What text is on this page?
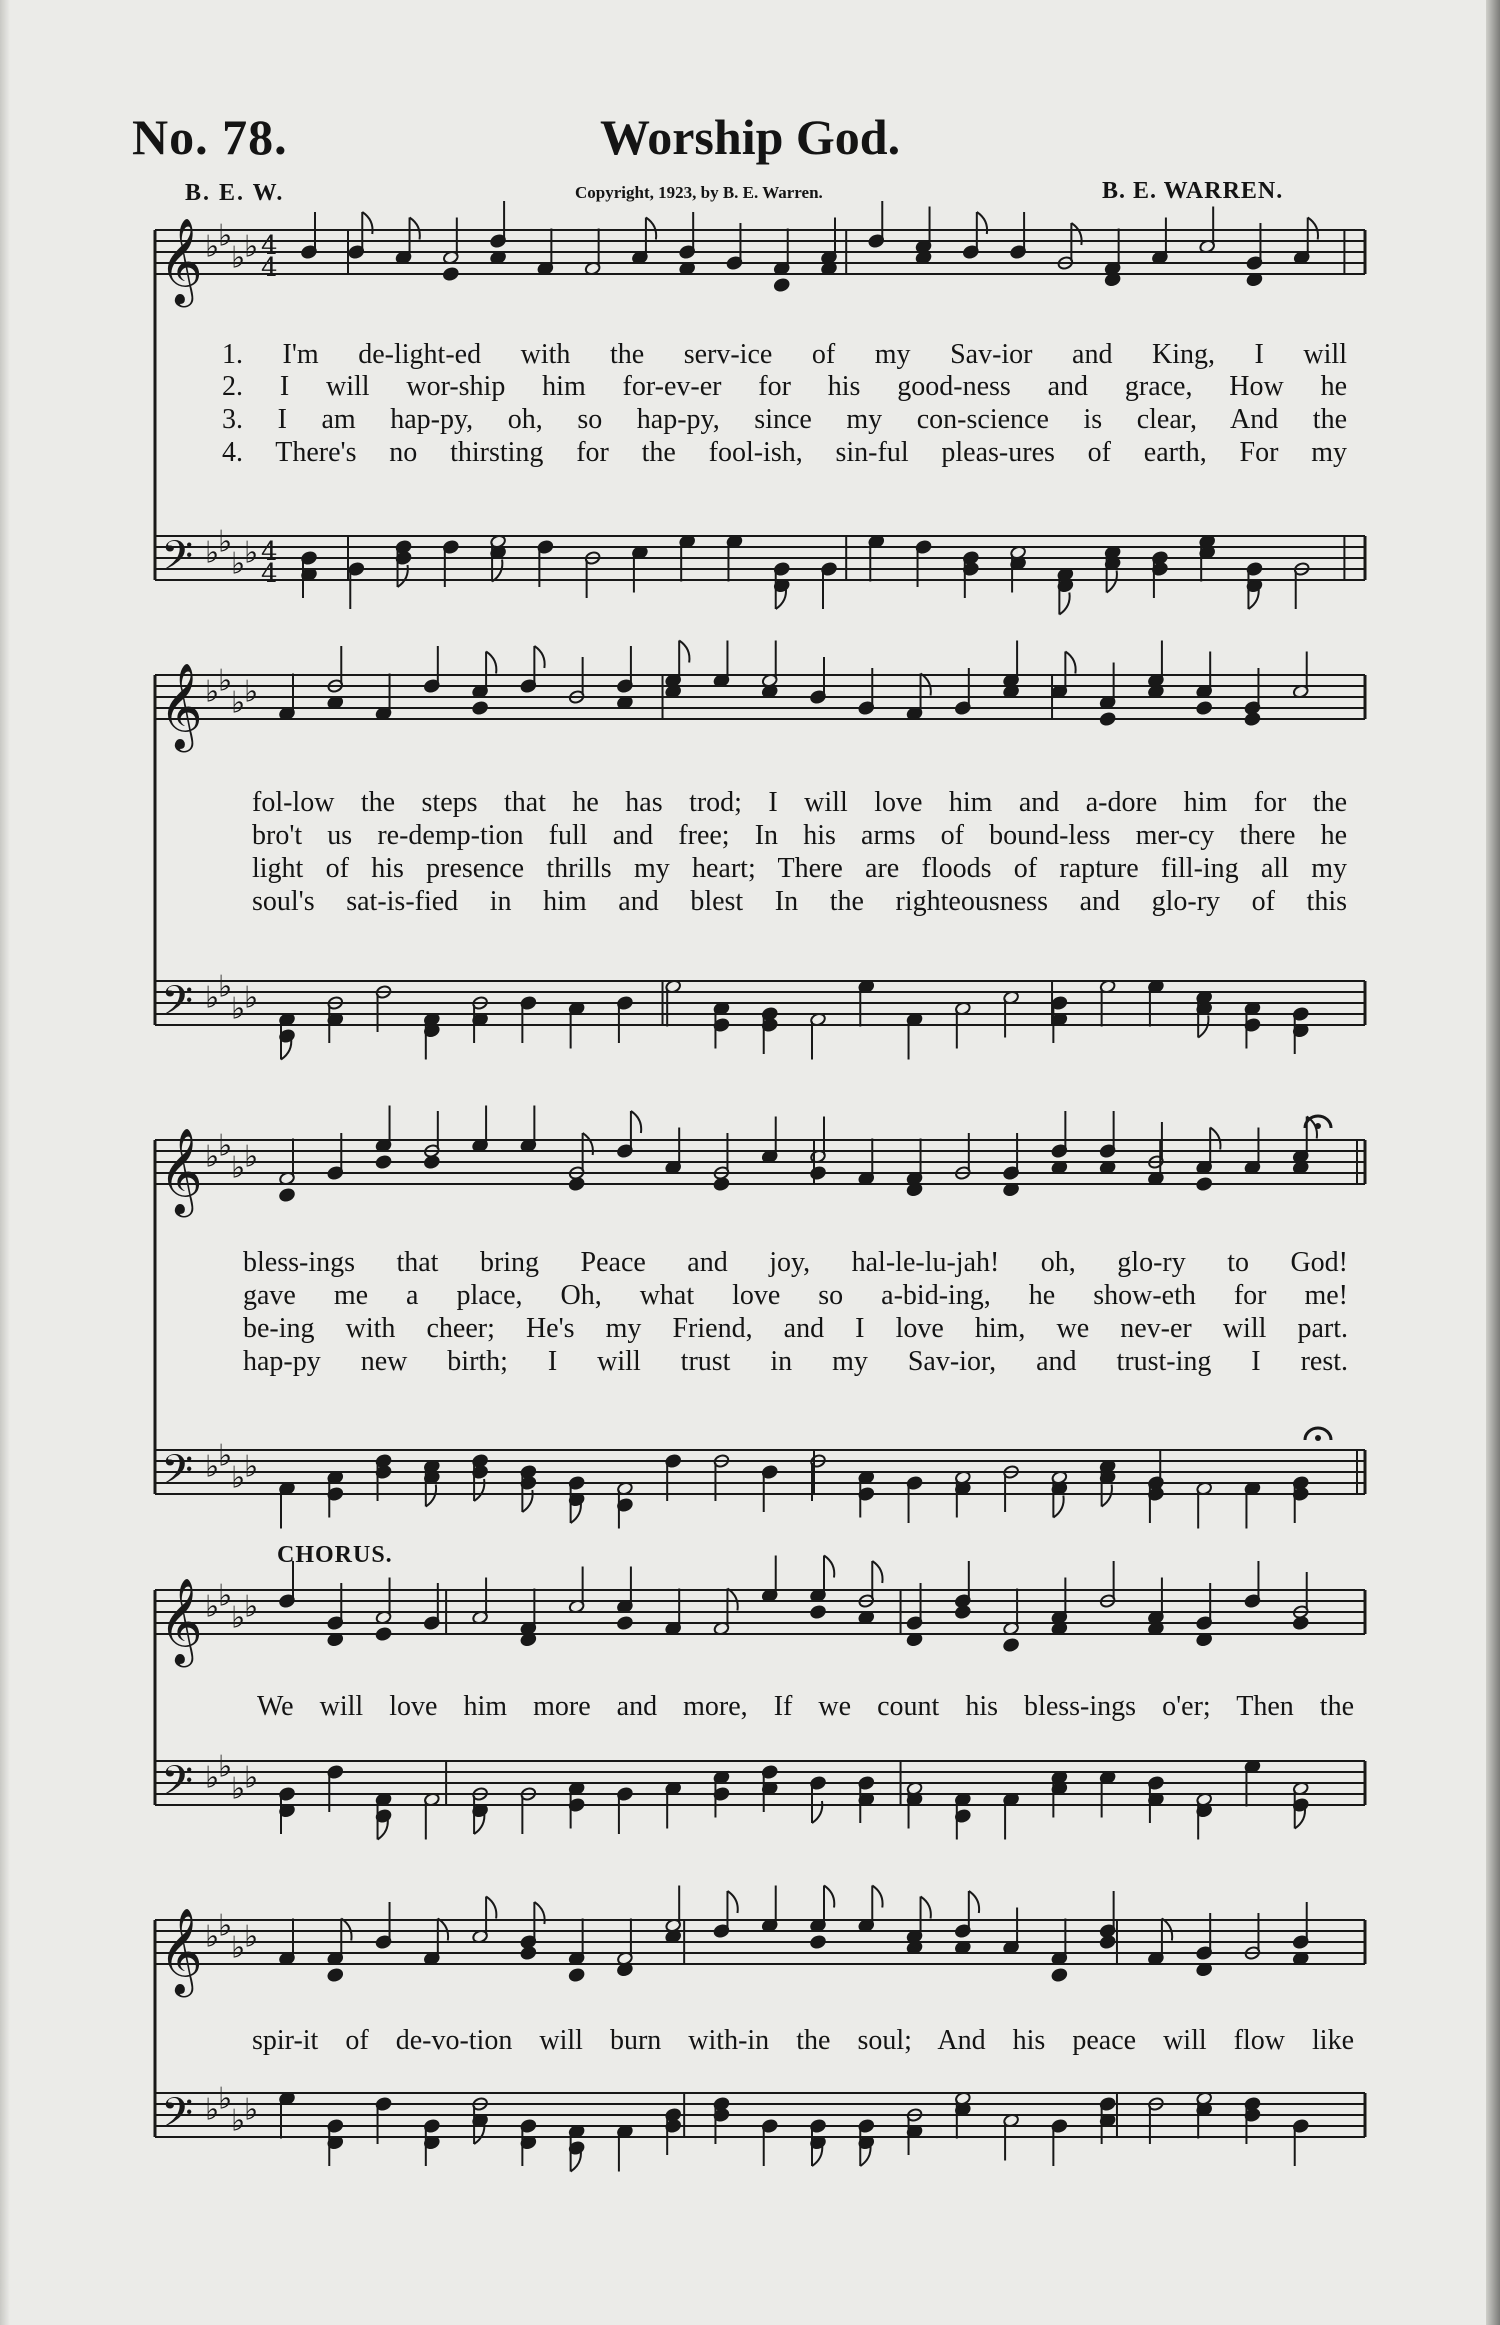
𝄞 ♭
♭
♭
♭ 4
4
𝄢 ♭
♭
♭
♭ 4
4
𝄞 ♭
♭
♭
♭
𝄢 ♭
♭
♭
♭
𝄞 ♭
♭
♭
♭
𝄢 ♭
♭
♭
♭
𝄞 ♭
♭
♭
♭
𝄢 ♭
♭
♭
♭
𝄞 ♭
♭
♭
♭
𝄢 ♭
♭
♭
♭
No. 78.	Worship God.
B. E. W.	Copyright, 1923, by B. E. Warren.	B. E. WARREN.
1. I'm de-light-ed with the serv-ice of my Sav-ior and King, I will
2. I will wor-ship him for-ev-er for his good-ness and grace, How he
3. I am hap-py, oh, so hap-py, since my con-science is clear, And the
4. There's no thirsting for the fool-ish, sin-ful pleas-ures of earth, For my
fol-low the steps that he has trod; I will love him and a-dore him for the
bro't us re-demp-tion full and free; In his arms of bound-less mer-cy there he
light of his presence thrills my heart; There are floods of rapture fill-ing all my
soul's sat-is-fied in him and blest In the righteousness and glo-ry of this
bless-ings that bring Peace and joy, hal-le-lu-jah! oh, glo-ry to God!
gave me a place, Oh, what love so a-bid-ing, he show-eth for me!
be-ing with cheer; He's my Friend, and I love him, we nev-er will part.
hap-py new birth; I will trust in my Sav-ior, and trust-ing I rest.
CHORUS.
We will love him more and more, If we count his bless-ings o'er; Then the
spir-it of de-vo-tion will burn with-in the soul; And his peace will flow like
